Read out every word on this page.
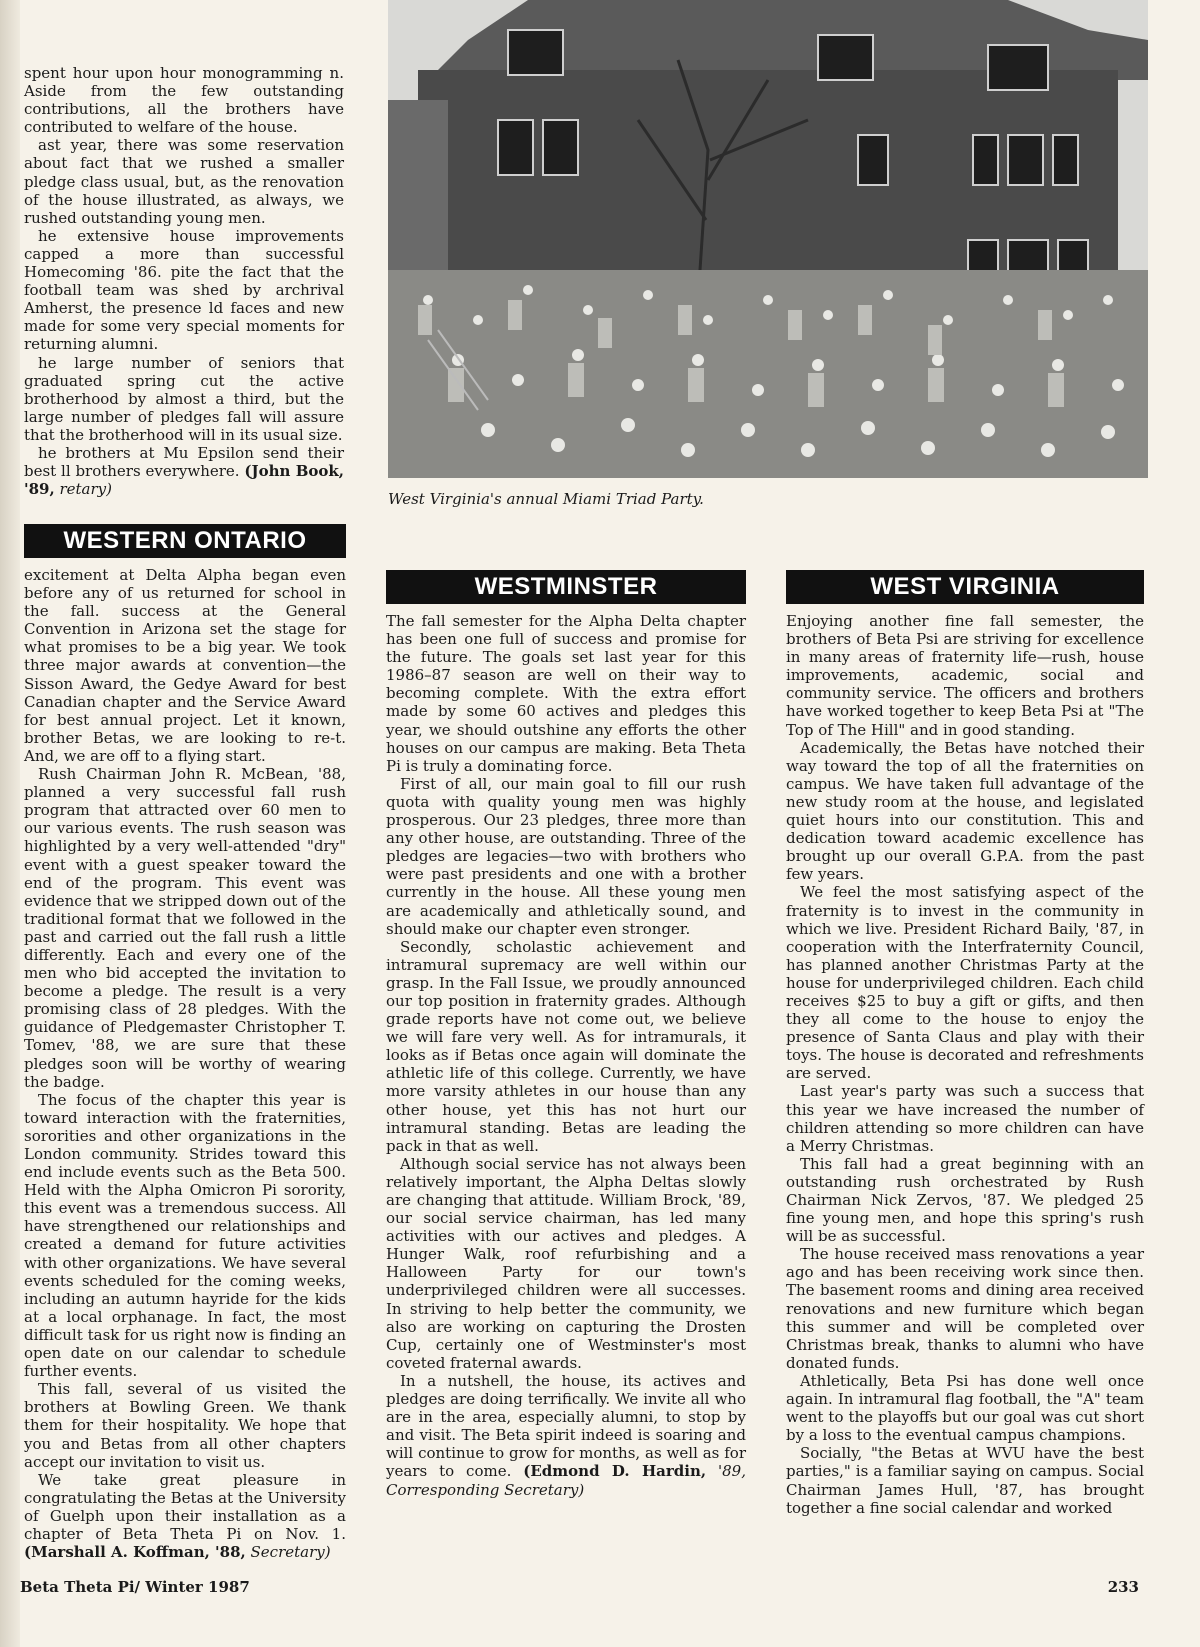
spent hour upon hour monogramming n. Aside from the few outstanding contributions, all the brothers have contributed to welfare of the house.

ast year, there was some reservation about fact that we rushed a smaller pledge class usual, but, as the renovation of the house illustrated, as always, we rushed outstanding young men.

he extensive house improvements capped a more than successful Homecoming '86. pite the fact that the football team was shed by archrival Amherst, the presence ld faces and new made for some very special moments for returning alumni.

he large number of seniors that graduated spring cut the active brotherhood by almost a third, but the large number of pledges fall will assure that the brotherhood will in its usual size.

he brothers at Mu Epsilon send their best ll brothers everywhere. (John Book, '89, retary)

West Virginia's annual Miami Triad Party.
WESTERN ONTARIO

excitement at Delta Alpha began even before any of us returned for school in the fall. success at the General Convention in Arizona set the stage for what promises to be a big year. We took three major awards at convention—the Sisson Award, the Gedye Award for best Canadian chapter and the Service Award for best annual project. Let it known, brother Betas, we are looking to re-t. And, we are off to a flying start.

Rush Chairman John R. McBean, '88, planned a very successful fall rush program that attracted over 60 men to our various events. The rush season was highlighted by a very well-attended "dry" event with a guest speaker toward the end of the program. This event was evidence that we stripped down out of the traditional format that we followed in the past and carried out the fall rush a little differently. Each and every one of the men who bid accepted the invitation to become a pledge. The result is a very promising class of 28 pledges. With the guidance of Pledgemaster Christopher T. Tomev, '88, we are sure that these pledges soon will be worthy of wearing the badge.

The focus of the chapter this year is toward interaction with the fraternities, sororities and other organizations in the London community. Strides toward this end include events such as the Beta 500. Held with the Alpha Omicron Pi sorority, this event was a tremendous success. All have strengthened our relationships and created a demand for future activities with other organizations. We have several events scheduled for the coming weeks, including an autumn hayride for the kids at a local orphanage. In fact, the most difficult task for us right now is finding an open date on our calendar to schedule further events.

This fall, several of us visited the brothers at Bowling Green. We thank them for their hospitality. We hope that you and Betas from all other chapters accept our invitation to visit us.

We take great pleasure in congratulating the Betas at the University of Guelph upon their installation as a chapter of Beta Theta Pi on Nov. 1. (Marshall A. Koffman, '88, Secretary)

WESTMINSTER

The fall semester for the Alpha Delta chapter has been one full of success and promise for the future. The goals set last year for this 1986–87 season are well on their way to becoming complete. With the extra effort made by some 60 actives and pledges this year, we should outshine any efforts the other houses on our campus are making. Beta Theta Pi is truly a dominating force.

First of all, our main goal to fill our rush quota with quality young men was highly prosperous. Our 23 pledges, three more than any other house, are outstanding. Three of the pledges are legacies—two with brothers who were past presidents and one with a brother currently in the house. All these young men are academically and athletically sound, and should make our chapter even stronger.

Secondly, scholastic achievement and intramural supremacy are well within our grasp. In the Fall Issue, we proudly announced our top position in fraternity grades. Although grade reports have not come out, we believe we will fare very well. As for intramurals, it looks as if Betas once again will dominate the athletic life of this college. Currently, we have more varsity athletes in our house than any other house, yet this has not hurt our intramural standing. Betas are leading the pack in that as well.

Although social service has not always been relatively important, the Alpha Deltas slowly are changing that attitude. William Brock, '89, our social service chairman, has led many activities with our actives and pledges. A Hunger Walk, roof refurbishing and a Halloween Party for our town's underprivileged children were all successes. In striving to help better the community, we also are working on capturing the Drosten Cup, certainly one of Westminster's most coveted fraternal awards.

In a nutshell, the house, its actives and pledges are doing terrifically. We invite all who are in the area, especially alumni, to stop by and visit. The Beta spirit indeed is soaring and will continue to grow for months, as well as for years to come. (Edmond D. Hardin, '89, Corresponding Secretary)

WEST VIRGINIA

Enjoying another fine fall semester, the brothers of Beta Psi are striving for excellence in many areas of fraternity life—rush, house improvements, academic, social and community service. The officers and brothers have worked together to keep Beta Psi at "The Top of The Hill" and in good standing.

Academically, the Betas have notched their way toward the top of all the fraternities on campus. We have taken full advantage of the new study room at the house, and legislated quiet hours into our constitution. This and dedication toward academic excellence has brought up our overall G.P.A. from the past few years.

We feel the most satisfying aspect of the fraternity is to invest in the community in which we live. President Richard Baily, '87, in cooperation with the Interfraternity Council, has planned another Christmas Party at the house for underprivileged children. Each child receives $25 to buy a gift or gifts, and then they all come to the house to enjoy the presence of Santa Claus and play with their toys. The house is decorated and refreshments are served.

Last year's party was such a success that this year we have increased the number of children attending so more children can have a Merry Christmas.

This fall had a great beginning with an outstanding rush orchestrated by Rush Chairman Nick Zervos, '87. We pledged 25 fine young men, and hope this spring's rush will be as successful.

The house received mass renovations a year ago and has been receiving work since then. The basement rooms and dining area received renovations and new furniture which began this summer and will be completed over Christmas break, thanks to alumni who have donated funds.

Athletically, Beta Psi has done well once again. In intramural flag football, the "A" team went to the playoffs but our goal was cut short by a loss to the eventual campus champions.

Socially, "the Betas at WVU have the best parties," is a familiar saying on campus. Social Chairman James Hull, '87, has brought together a fine social calendar and worked

Beta Theta Pi/ Winter 1987	233
